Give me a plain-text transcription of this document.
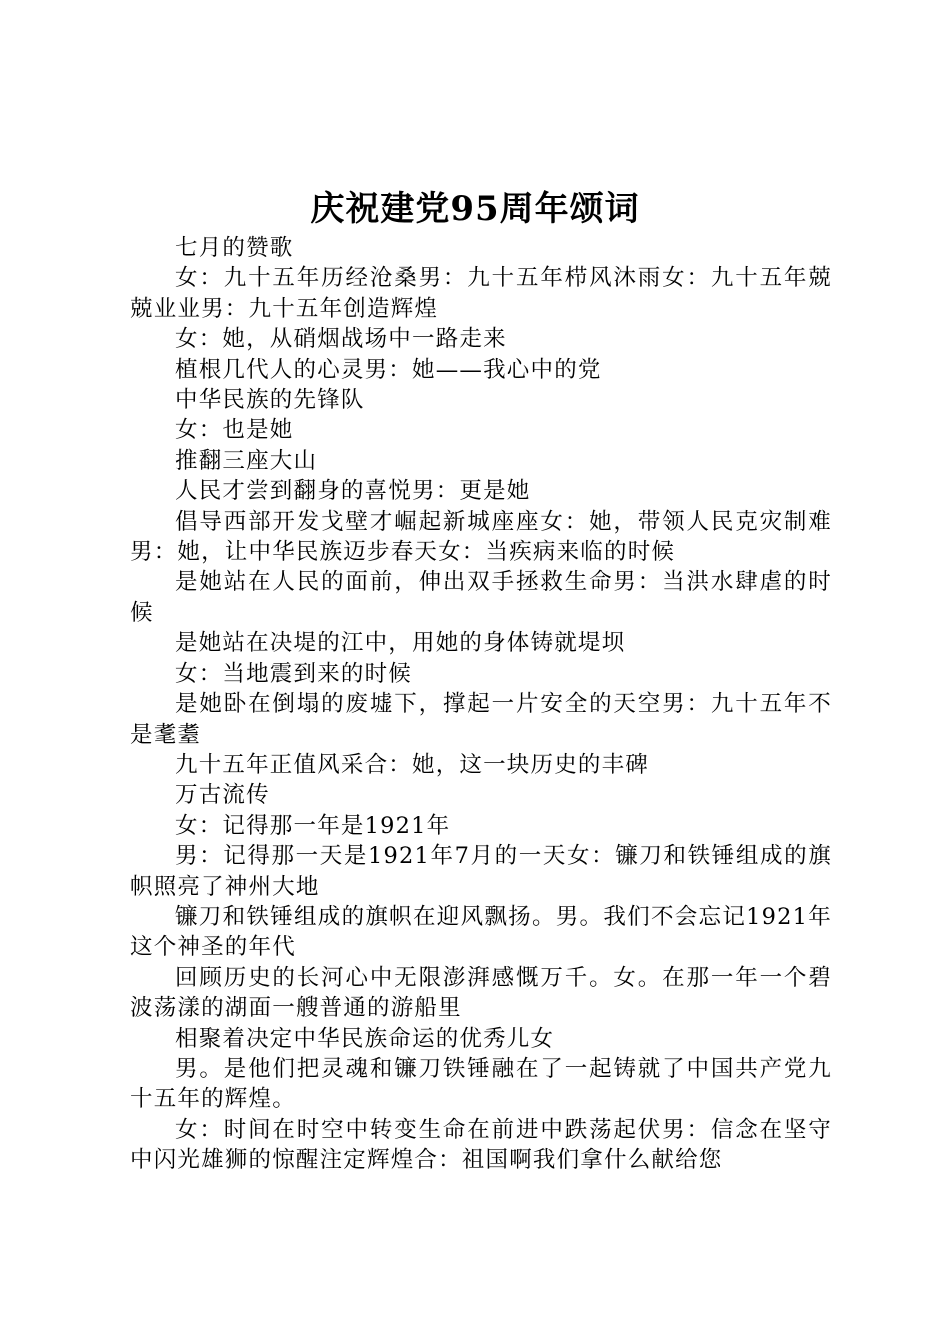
庆祝建党95周年颂词

七月的赞歌

女：九十五年历经沧桑男：九十五年栉风沐雨女：九十五年兢兢业业男：九十五年创造辉煌

女：她，从硝烟战场中一路走来

植根几代人的心灵男：她——我心中的党

中华民族的先锋队

女：也是她

推翻三座大山

人民才尝到翻身的喜悦男：更是她

倡导西部开发戈壁才崛起新城座座女：她，带领人民克灾制难男：她，让中华民族迈步春天女：当疾病来临的时候

是她站在人民的面前，伸出双手拯救生命男：当洪水肆虐的时候

是她站在决堤的江中，用她的身体铸就堤坝

女：当地震到来的时候

是她卧在倒塌的废墟下，撑起一片安全的天空男：九十五年不是耄耋

九十五年正值风采合：她，这一块历史的丰碑

万古流传

女：记得那一年是1921年

男：记得那一天是1921年7月的一天女：镰刀和铁锤组成的旗帜照亮了神州大地

镰刀和铁锤组成的旗帜在迎风飘扬。男。我们不会忘记1921年这个神圣的年代

回顾历史的长河心中无限澎湃感慨万千。女。在那一年一个碧波荡漾的湖面一艘普通的游船里

相聚着决定中华民族命运的优秀儿女

男。是他们把灵魂和镰刀铁锤融在了一起铸就了中国共产党九十五年的辉煌。

女：时间在时空中转变生命在前进中跌荡起伏男：信念在坚守中闪光雄狮的惊醒注定辉煌合：祖国啊我们拿什么献给您
